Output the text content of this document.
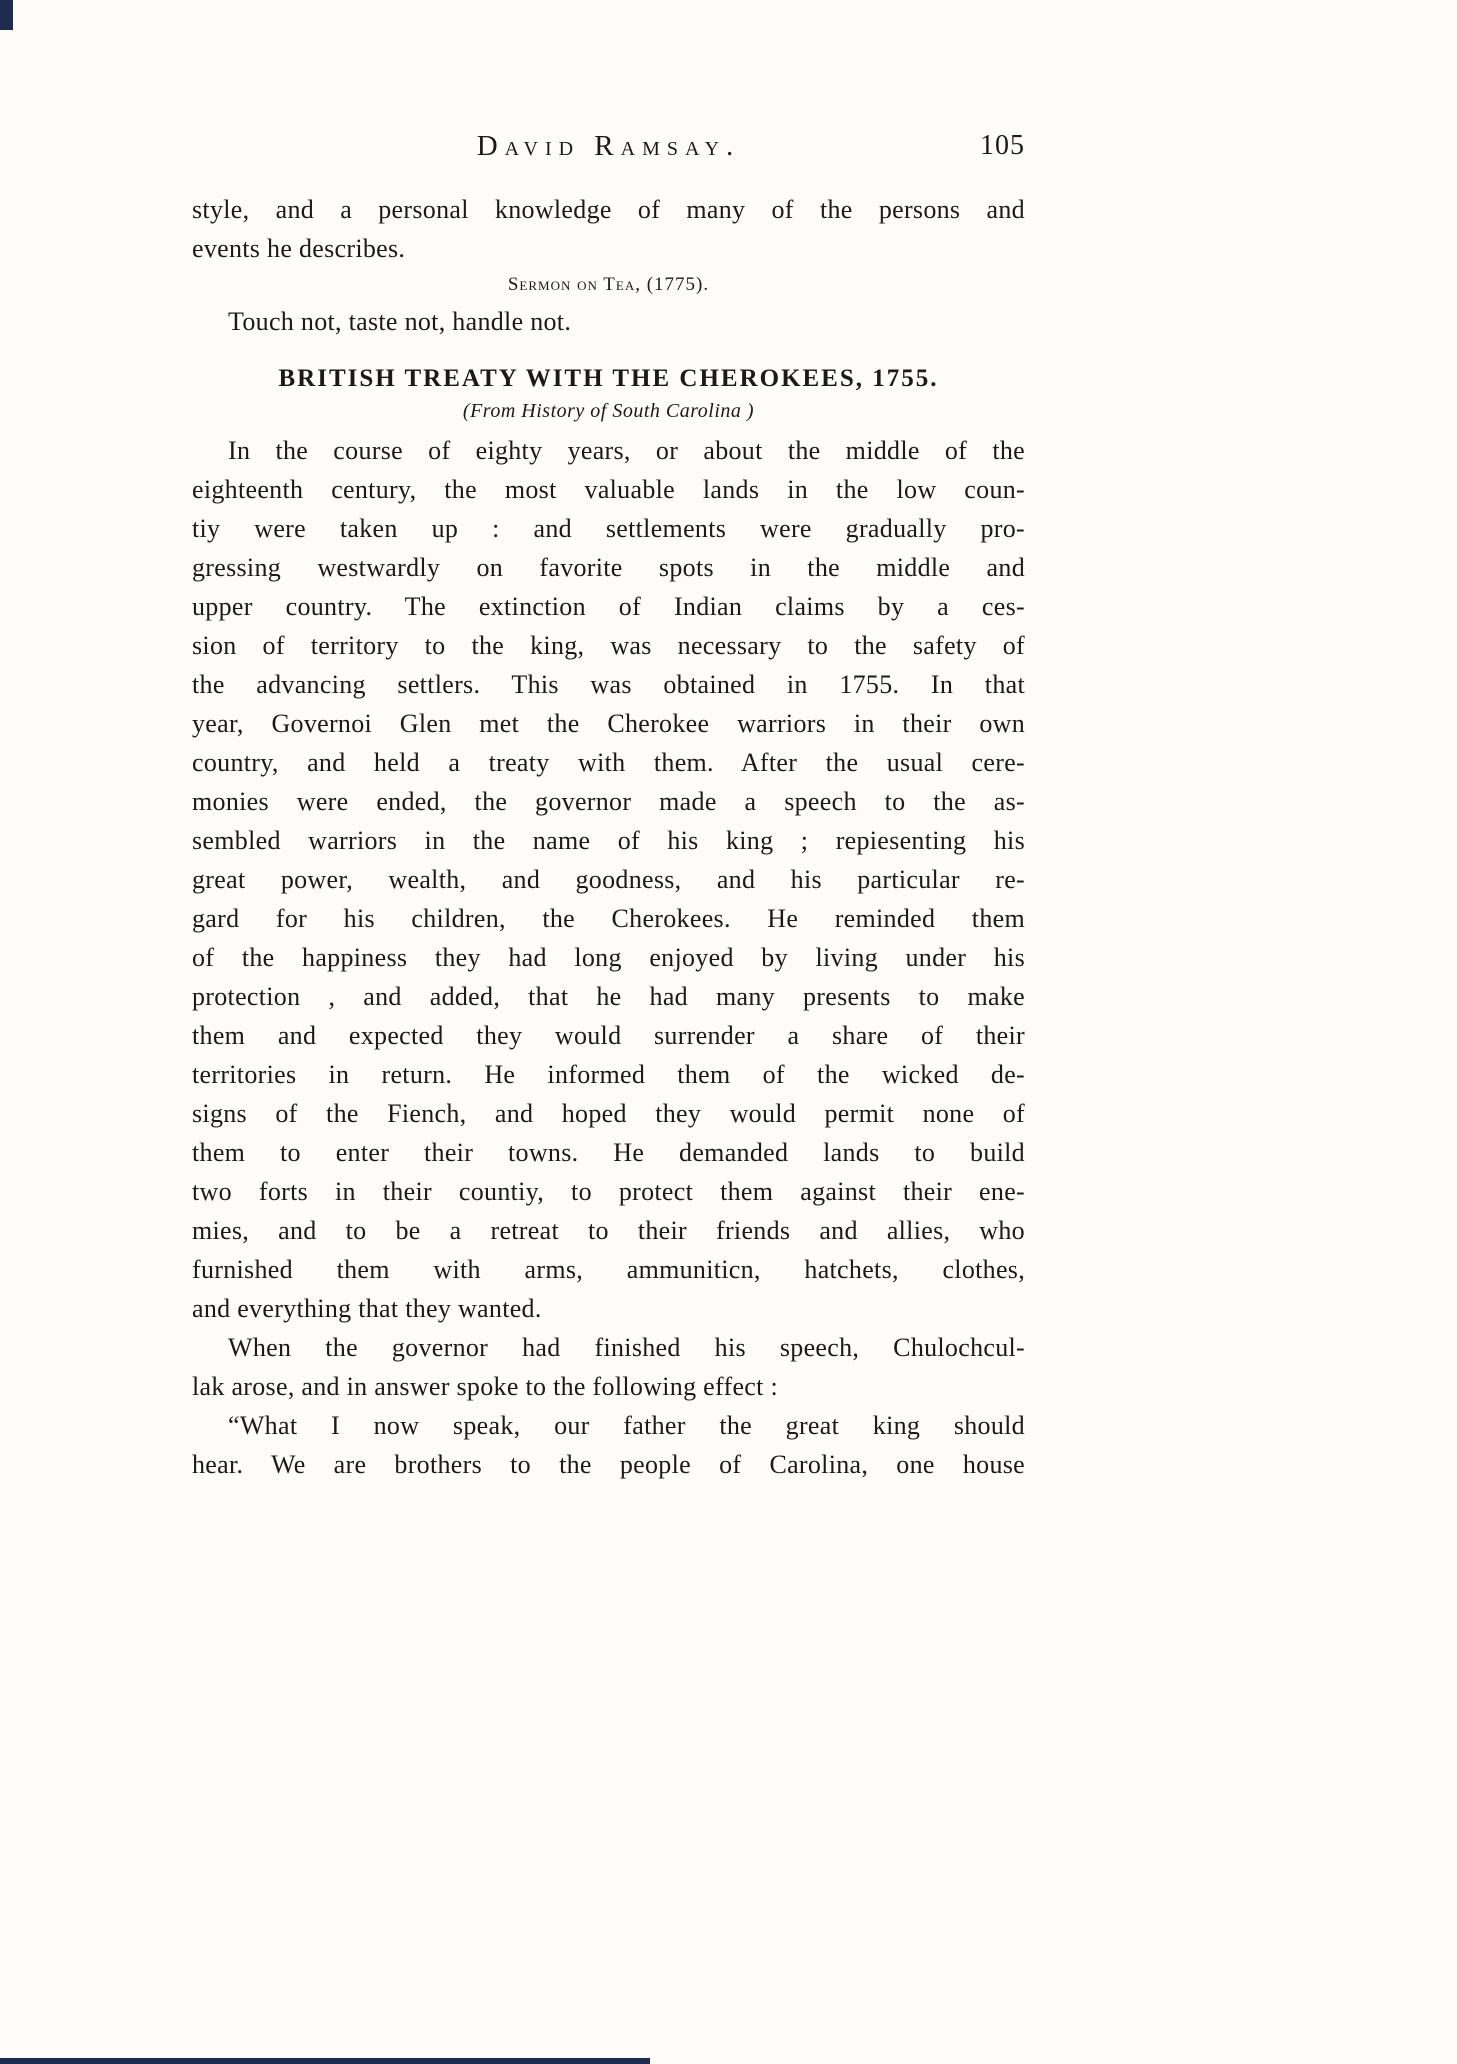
David Ramsay.	105
style, and a personal knowledge of many of the persons and
events he describes.
Sermon on Tea, (1775).
Touch not, taste not, handle not.
BRITISH TREATY WITH THE CHEROKEES, 1755.
(From History of South Carolina )
In the course of eighty years, or about the middle of the
eighteenth century, the most valuable lands in the low coun-
tiy were taken up : and settlements were gradually pro-
gressing westwardly on favorite spots in the middle and
upper country. The extinction of Indian claims by a ces-
sion of territory to the king, was necessary to the safety of
the advancing settlers. This was obtained in 1755. In that
year, Governoi Glen met the Cherokee warriors in their own
country, and held a treaty with them. After the usual cere-
monies were ended, the governor made a speech to the as-
sembled warriors in the name of his king ; repiesenting his
great power, wealth, and goodness, and his particular re-
gard for his children, the Cherokees. He reminded them
of the happiness they had long enjoyed by living under his
protection , and added, that he had many presents to make
them and expected they would surrender a share of their
territories in return. He informed them of the wicked de-
signs of the Fiench, and hoped they would permit none of
them to enter their towns. He demanded lands to build
two forts in their countiy, to protect them against their ene-
mies, and to be a retreat to their friends and allies, who
furnished them with arms, ammuniticn, hatchets, clothes,
and everything that they wanted.
When the governor had finished his speech, Chulochcul-
lak arose, and in answer spoke to the following effect :
“What I now speak, our father the great king should
hear. We are brothers to the people of Carolina, one house
